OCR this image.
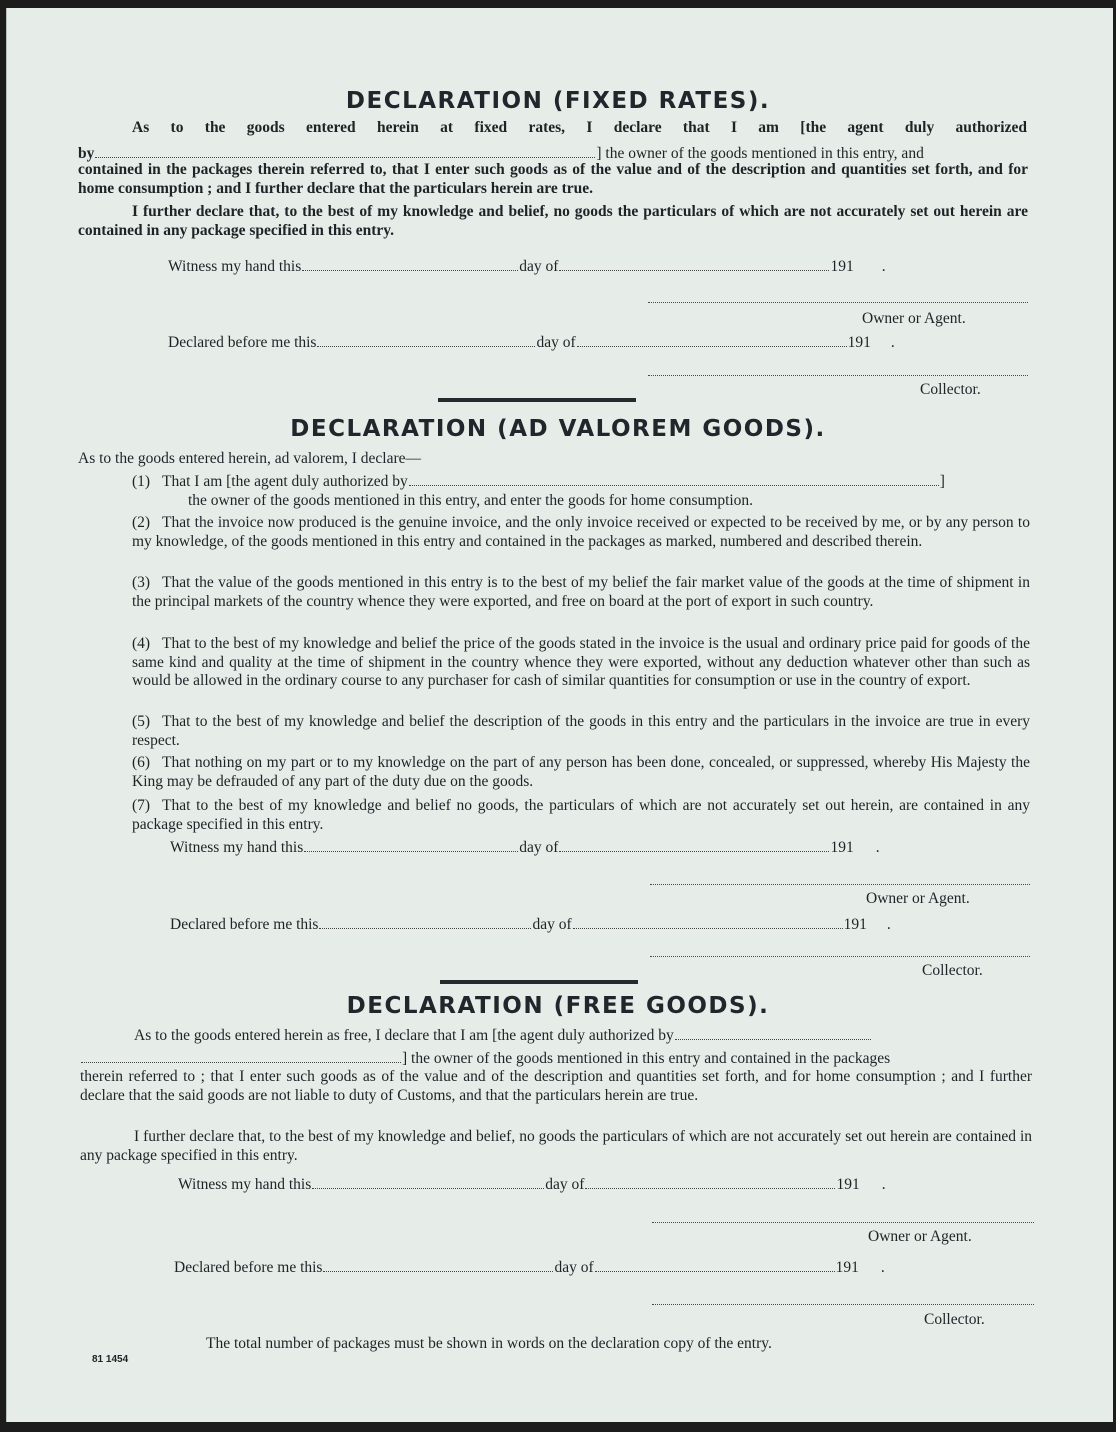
DECLARATION (FIXED RATES).
As to the goods entered herein at fixed rates, I declare that I am [the agent duly authorized
by	] the owner of the goods mentioned in this entry, and
contained in the packages therein referred to, that I enter such goods as of the value and of the description and quantities set forth, and for home consumption ; and I further declare that the particulars herein are true.
I further declare that, to the best of my knowledge and belief, no goods the particulars of which are not accurately set out herein are contained in any package specified in this entry.
Witness my hand this	day of	191 .
Owner or Agent.
Declared before me this	day of	191 .
Collector.
DECLARATION (AD VALOREM GOODS).
As to the goods entered herein, ad valorem, I declare—
(1) That I am [the agent duly authorized by	]
the owner of the goods mentioned in this entry, and enter the goods for home consumption.
(2) That the invoice now produced is the genuine invoice, and the only invoice received or expected to be received by me, or by any person to my knowledge, of the goods mentioned in this entry and contained in the packages as marked, numbered and described therein.
(3) That the value of the goods mentioned in this entry is to the best of my belief the fair market value of the goods at the time of shipment in the principal markets of the country whence they were exported, and free on board at the port of export in such country.
(4) That to the best of my knowledge and belief the price of the goods stated in the invoice is the usual and ordinary price paid for goods of the same kind and quality at the time of shipment in the country whence they were exported, without any deduction whatever other than such as would be allowed in the ordinary course to any purchaser for cash of similar quantities for consumption or use in the country of export.
(5) That to the best of my knowledge and belief the description of the goods in this entry and the particulars in the invoice are true in every respect.
(6) That nothing on my part or to my knowledge on the part of any person has been done, concealed, or suppressed, whereby His Majesty the King may be defrauded of any part of the duty due on the goods.
(7) That to the best of my knowledge and belief no goods, the particulars of which are not accurately set out herein, are contained in any package specified in this entry.
Witness my hand this	day of	191 .
Owner or Agent.
Declared before me this	day of	191 .
Collector.
DECLARATION (FREE GOODS).
As to the goods entered herein as free, I declare that I am [the agent duly authorized by
] the owner of the goods mentioned in this entry and contained in the packages
therein referred to ; that I enter such goods as of the value and of the description and quantities set forth, and for home consumption ; and I further declare that the said goods are not liable to duty of Customs, and that the particulars herein are true.
I further declare that, to the best of my knowledge and belief, no goods the particulars of which are not accurately set out herein are contained in any package specified in this entry.
Witness my hand this	day of	191 .
Owner or Agent.
Declared before me this	day of	191 .
Collector.
The total number of packages must be shown in words on the declaration copy of the entry.
81 1454
